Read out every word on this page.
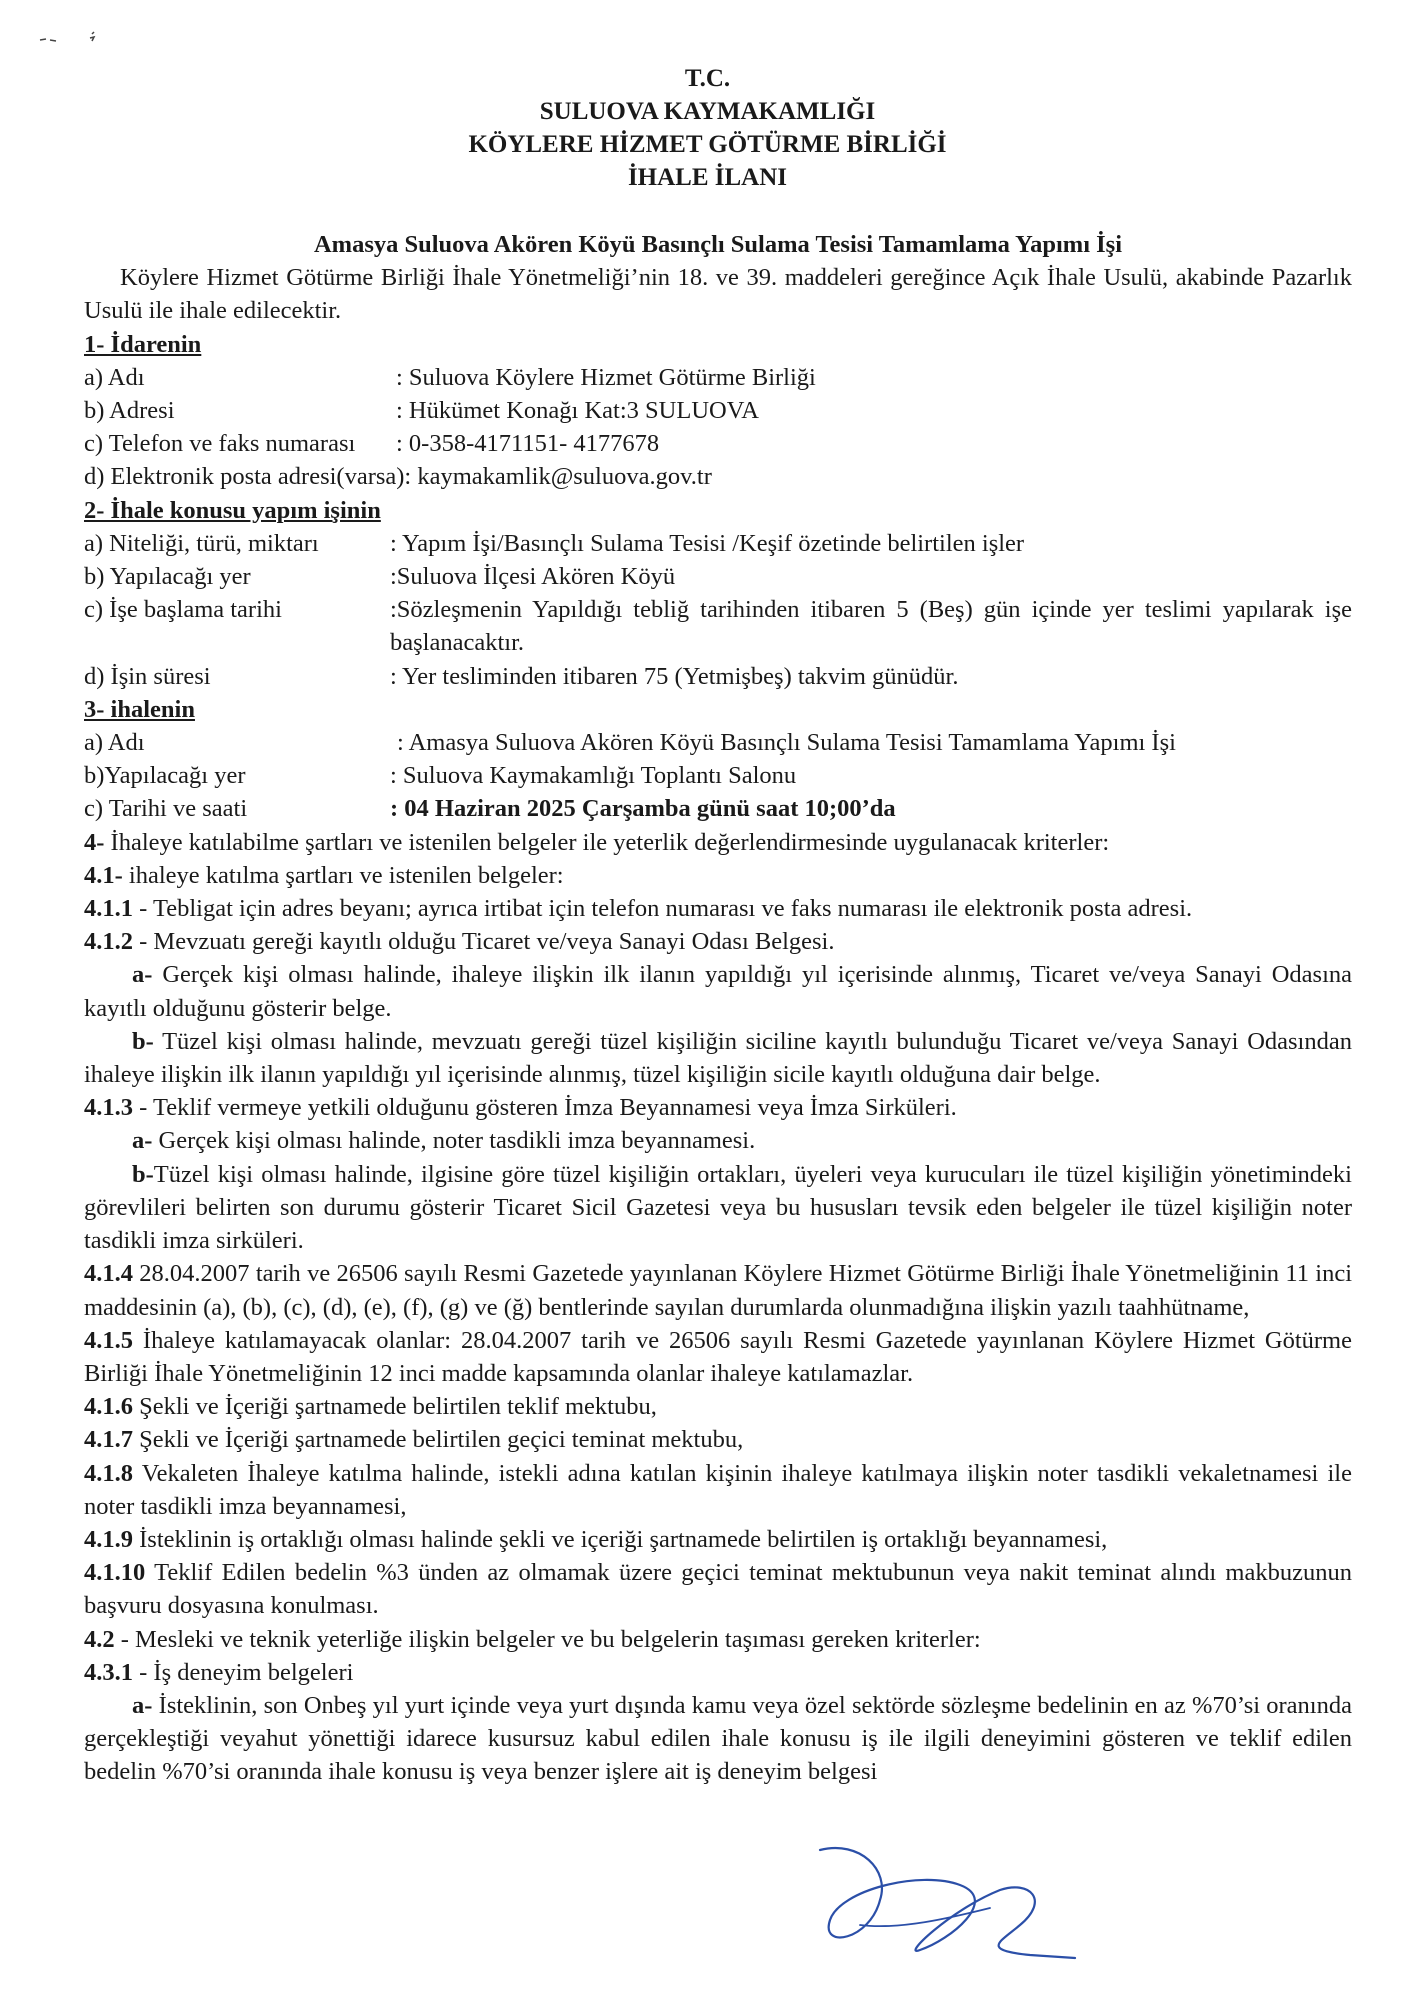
T.C.
SULUOVA KAYMAKAMLIĞI
KÖYLERE HİZMET GÖTÜRME BİRLİĞİ
İHALE İLANI
Amasya Suluova Akören Köyü Basınçlı Sulama Tesisi Tamamlama Yapımı İşi
Köylere Hizmet Götürme Birliği İhale Yönetmeliği’nin 18. ve 39. maddeleri gereğince Açık İhale Usulü, akabinde Pazarlık Usulü ile ihale edilecektir.
1- İdarenin
a) Adı	: Suluova Köylere Hizmet Götürme Birliği
b) Adresi	: Hükümet Konağı Kat:3 SULUOVA
c) Telefon ve faks numarası	: 0-358-4171151- 4177678
d) Elektronik posta adresi(varsa): kaymakamlik@suluova.gov.tr
2- İhale konusu yapım işinin
a) Niteliği, türü, miktarı	: Yapım İşi/Basınçlı Sulama Tesisi /Keşif özetinde belirtilen işler
b) Yapılacağı yer	:Suluova İlçesi Akören Köyü
c) İşe başlama tarihi	:Sözleşmenin Yapıldığı tebliğ tarihinden itibaren 5 (Beş) gün içinde yer teslimi yapılarak işe başlanacaktır.
d) İşin süresi	: Yer tesliminden itibaren 75 (Yetmişbeş) takvim günüdür.
3- ihalenin
a) Adı	: Amasya Suluova Akören Köyü Basınçlı Sulama Tesisi Tamamlama Yapımı İşi
b)Yapılacağı yer	: Suluova Kaymakamlığı Toplantı Salonu
c) Tarihi ve saati	: 04 Haziran 2025 Çarşamba günü saat 10;00’da
4- İhaleye katılabilme şartları ve istenilen belgeler ile yeterlik değerlendirmesinde uygulanacak kriterler:
4.1- ihaleye katılma şartları ve istenilen belgeler:
4.1.1 - Tebligat için adres beyanı; ayrıca irtibat için telefon numarası ve faks numarası ile elektronik posta adresi.
4.1.2 - Mevzuatı gereği kayıtlı olduğu Ticaret ve/veya Sanayi Odası Belgesi.
a- Gerçek kişi olması halinde, ihaleye ilişkin ilk ilanın yapıldığı yıl içerisinde alınmış, Ticaret ve/veya Sanayi Odasına kayıtlı olduğunu gösterir belge.
b- Tüzel kişi olması halinde, mevzuatı gereği tüzel kişiliğin siciline kayıtlı bulunduğu Ticaret ve/veya Sanayi Odasından ihaleye ilişkin ilk ilanın yapıldığı yıl içerisinde alınmış, tüzel kişiliğin sicile kayıtlı olduğuna dair belge.
4.1.3 - Teklif vermeye yetkili olduğunu gösteren İmza Beyannamesi veya İmza Sirküleri.
a- Gerçek kişi olması halinde, noter tasdikli imza beyannamesi.
b-Tüzel kişi olması halinde, ilgisine göre tüzel kişiliğin ortakları, üyeleri veya kurucuları ile tüzel kişiliğin yönetimindeki görevlileri belirten son durumu gösterir Ticaret Sicil Gazetesi veya bu hususları tevsik eden belgeler ile tüzel kişiliğin noter tasdikli imza sirküleri.
4.1.4 28.04.2007 tarih ve 26506 sayılı Resmi Gazetede yayınlanan Köylere Hizmet Götürme Birliği İhale Yönetmeliğinin 11 inci maddesinin (a), (b), (c), (d), (e), (f), (g) ve (ğ) bentlerinde sayılan durumlarda olunmadığına ilişkin yazılı taahhütname,
4.1.5 İhaleye katılamayacak olanlar: 28.04.2007 tarih ve 26506 sayılı Resmi Gazetede yayınlanan Köylere Hizmet Götürme Birliği İhale Yönetmeliğinin 12 inci madde kapsamında olanlar ihaleye katılamazlar.
4.1.6 Şekli ve İçeriği şartnamede belirtilen teklif mektubu,
4.1.7 Şekli ve İçeriği şartnamede belirtilen geçici teminat mektubu,
4.1.8 Vekaleten İhaleye katılma halinde, istekli adına katılan kişinin ihaleye katılmaya ilişkin noter tasdikli vekaletnamesi ile noter tasdikli imza beyannamesi,
4.1.9 İsteklinin iş ortaklığı olması halinde şekli ve içeriği şartnamede belirtilen iş ortaklığı beyannamesi,
4.1.10 Teklif Edilen bedelin %3 ünden az olmamak üzere geçici teminat mektubunun veya nakit teminat alındı makbuzunun başvuru dosyasına konulması.
4.2 - Mesleki ve teknik yeterliğe ilişkin belgeler ve bu belgelerin taşıması gereken kriterler:
4.3.1 - İş deneyim belgeleri
a- İsteklinin, son Onbeş yıl yurt içinde veya yurt dışında kamu veya özel sektörde sözleşme bedelinin en az %70’si oranında gerçekleştiği veyahut yönettiği idarece kusursuz kabul edilen ihale konusu iş ile ilgili deneyimini gösteren ve teklif edilen bedelin %70’si oranında ihale konusu iş veya benzer işlere ait iş deneyim belgesi
